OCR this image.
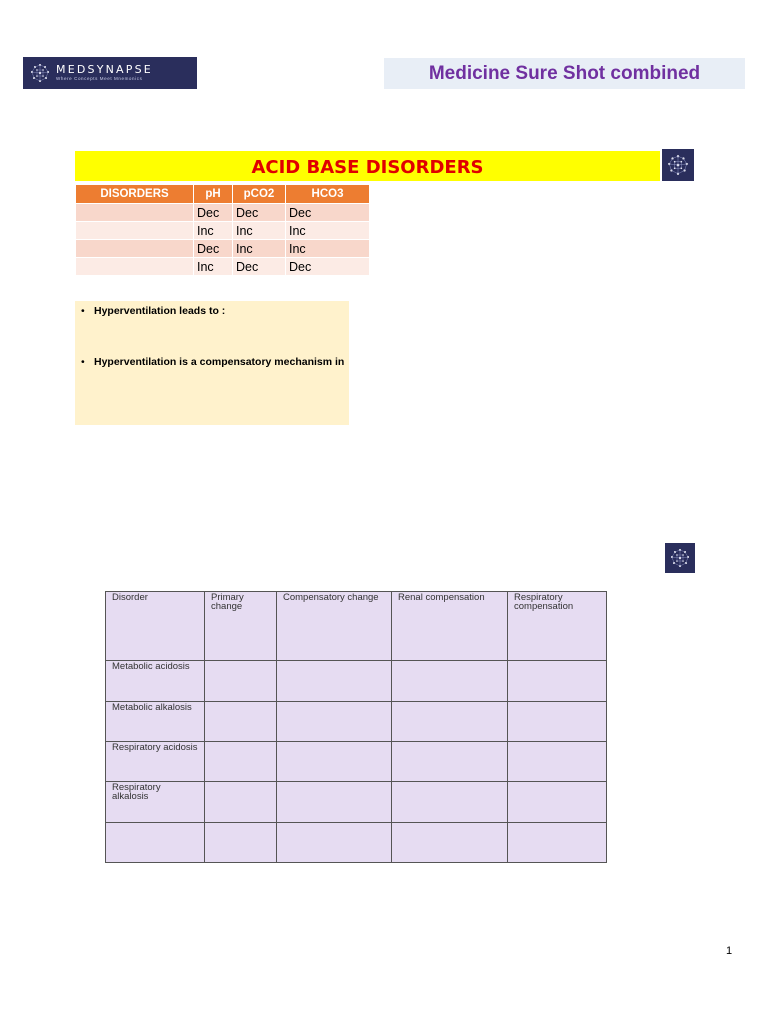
MEDSYNAPSE
Where Concepts Meet Mnemonics	Medicine Sure Shot combined
ACID BASE DISORDERS
DISORDERS	pH	pCO2	HCO3
	Dec	Dec	Dec
	Inc	Inc	Inc
	Dec	Inc	Inc
	Inc	Dec	Dec
• Hyperventilation leads to :
• Hyperventilation is a compensatory mechanism in
Disorder	Primary change	Compensatory change	Renal compensation	Respiratory compensation
Metabolic acidosis				
Metabolic alkalosis				
Respiratory acidosis				
Respiratory alkalosis				

1
